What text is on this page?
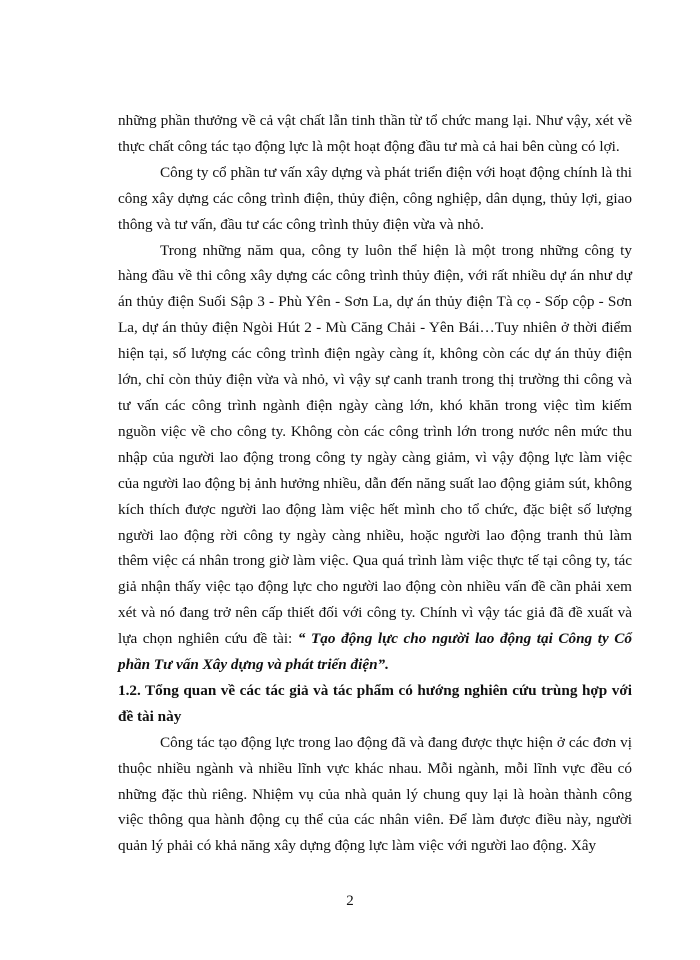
những phần thưởng về cả vật chất lẫn tinh thần từ tổ chức mang lại. Như vậy, xét về thực chất công tác tạo động lực là một hoạt động đầu tư mà cả hai bên cùng có lợi.

Công ty cổ phần tư vấn xây dựng và phát triển điện với hoạt động chính là thi công xây dựng các công trình điện, thủy điện, công nghiệp, dân dụng, thủy lợi, giao thông và tư vấn, đầu tư các công trình thủy điện vừa và nhỏ.

Trong những năm qua, công ty luôn thể hiện là một trong những công ty hàng đầu về thi công xây dựng các công trình thủy điện, với rất nhiều dự án như dự án thủy điện Suối Sập 3 - Phù Yên - Sơn La, dự án thủy điện Tà cọ - Sốp cộp - Sơn La, dự án thủy điện Ngòi Hút 2 - Mù Căng Chải - Yên Bái…Tuy nhiên ở thời điểm hiện tại, số lượng các công trình điện ngày càng ít, không còn các dự án thủy điện lớn, chỉ còn thủy điện vừa và nhỏ, vì vậy sự canh tranh trong thị trường thi công và tư vấn các công trình ngành điện ngày càng lớn, khó khăn trong việc tìm kiếm nguồn việc về cho công ty. Không còn các công trình lớn trong nước nên mức thu nhập của người lao động trong công ty ngày càng giảm, vì vậy động lực làm việc của người lao động bị ảnh hưởng nhiều, dẫn đến năng suất lao động giảm sút, không kích thích được người lao động làm việc hết mình cho tổ chức, đặc biệt số lượng người lao động rời công ty ngày càng nhiều, hoặc người lao động tranh thủ làm thêm việc cá nhân trong giờ làm việc. Qua quá trình làm việc thực tế tại công ty, tác giả nhận thấy việc tạo động lực cho người lao động còn nhiều vấn đề cần phải xem xét và nó đang trở nên cấp thiết đối với công ty. Chính vì vậy tác giả đã đề xuất và lựa chọn nghiên cứu đề tài: “ Tạo động lực cho người lao động tại Công ty Cổ phần Tư vấn Xây dựng và phát triển điện”.

1.2. Tổng quan về các tác giả và tác phẩm có hướng nghiên cứu trùng hợp với đề tài này

Công tác tạo động lực trong lao động đã và đang được thực hiện ở các đơn vị thuộc nhiều ngành và nhiều lĩnh vực khác nhau. Mỗi ngành, mỗi lĩnh vực đều có những đặc thù riêng. Nhiệm vụ của nhà quản lý chung quy lại là hoàn thành công việc thông qua hành động cụ thể của các nhân viên. Để làm được điều này, người quản lý phải có khả năng xây dựng động lực làm việc với người lao động. Xây

2
